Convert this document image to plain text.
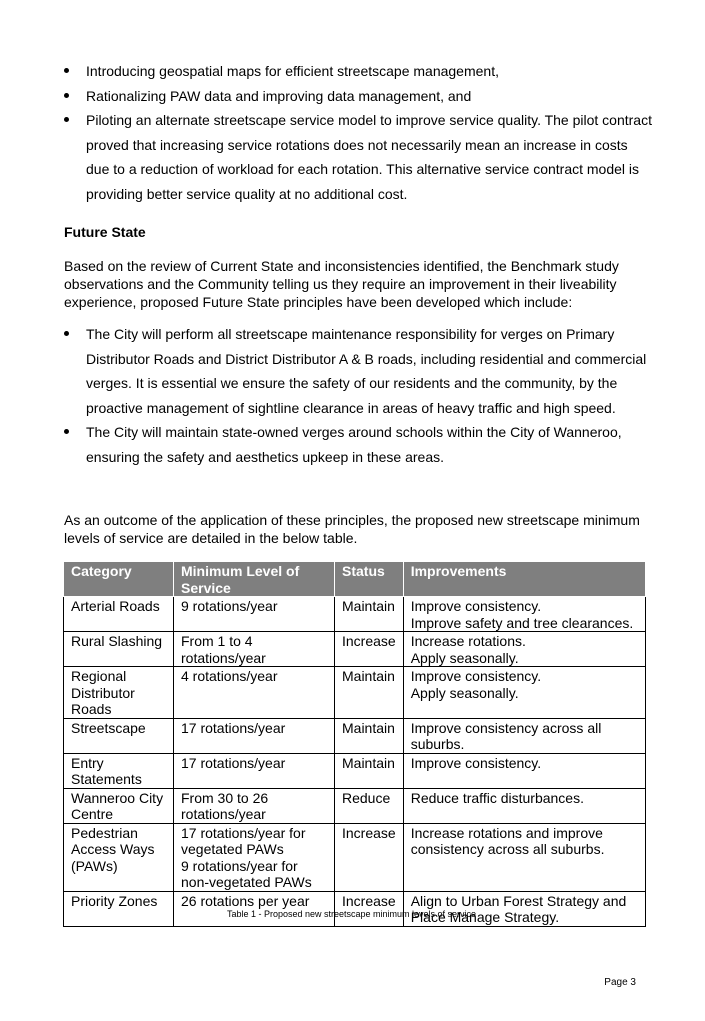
Introducing geospatial maps for efficient streetscape management,
Rationalizing PAW data and improving data management, and
Piloting an alternate streetscape service model to improve service quality. The pilot contract proved that increasing service rotations does not necessarily mean an increase in costs due to a reduction of workload for each rotation. This alternative service contract model is providing better service quality at no additional cost.
Future State

Based on the review of Current State and inconsistencies identified, the Benchmark study observations and the Community telling us they require an improvement in their liveability experience, proposed Future State principles have been developed which include:

The City will perform all streetscape maintenance responsibility for verges on Primary Distributor Roads and District Distributor A & B roads, including residential and commercial verges. It is essential we ensure the safety of our residents and the community, by the proactive management of sightline clearance in areas of heavy traffic and high speed.
The City will maintain state-owned verges around schools within the City of Wanneroo, ensuring the safety and aesthetics upkeep in these areas.

As an outcome of the application of these principles, the proposed new streetscape minimum levels of service are detailed in the below table.

Category	Minimum Level of Service	Status	Improvements
Arterial Roads	9 rotations/year	Maintain	Improve consistency.
Improve safety and tree clearances.
Rural Slashing	From 1 to 4 rotations/year	Increase	Increase rotations.
Apply seasonally.
Regional Distributor Roads	4 rotations/year	Maintain	Improve consistency.
Apply seasonally.
Streetscape	17 rotations/year	Maintain	Improve consistency across all suburbs.
Entry Statements	17 rotations/year	Maintain	Improve consistency.
Wanneroo City Centre	From 30 to 26 rotations/year	Reduce	Reduce traffic disturbances.
Pedestrian Access Ways (PAWs)	17 rotations/year for vegetated PAWs
9 rotations/year for non-vegetated PAWs	Increase	Increase rotations and improve consistency across all suburbs.
Priority Zones	26 rotations per year	Increase	Align to Urban Forest Strategy and Place Manage Strategy.
Table 1 - Proposed new streetscape minimum levels of service
Page 3
